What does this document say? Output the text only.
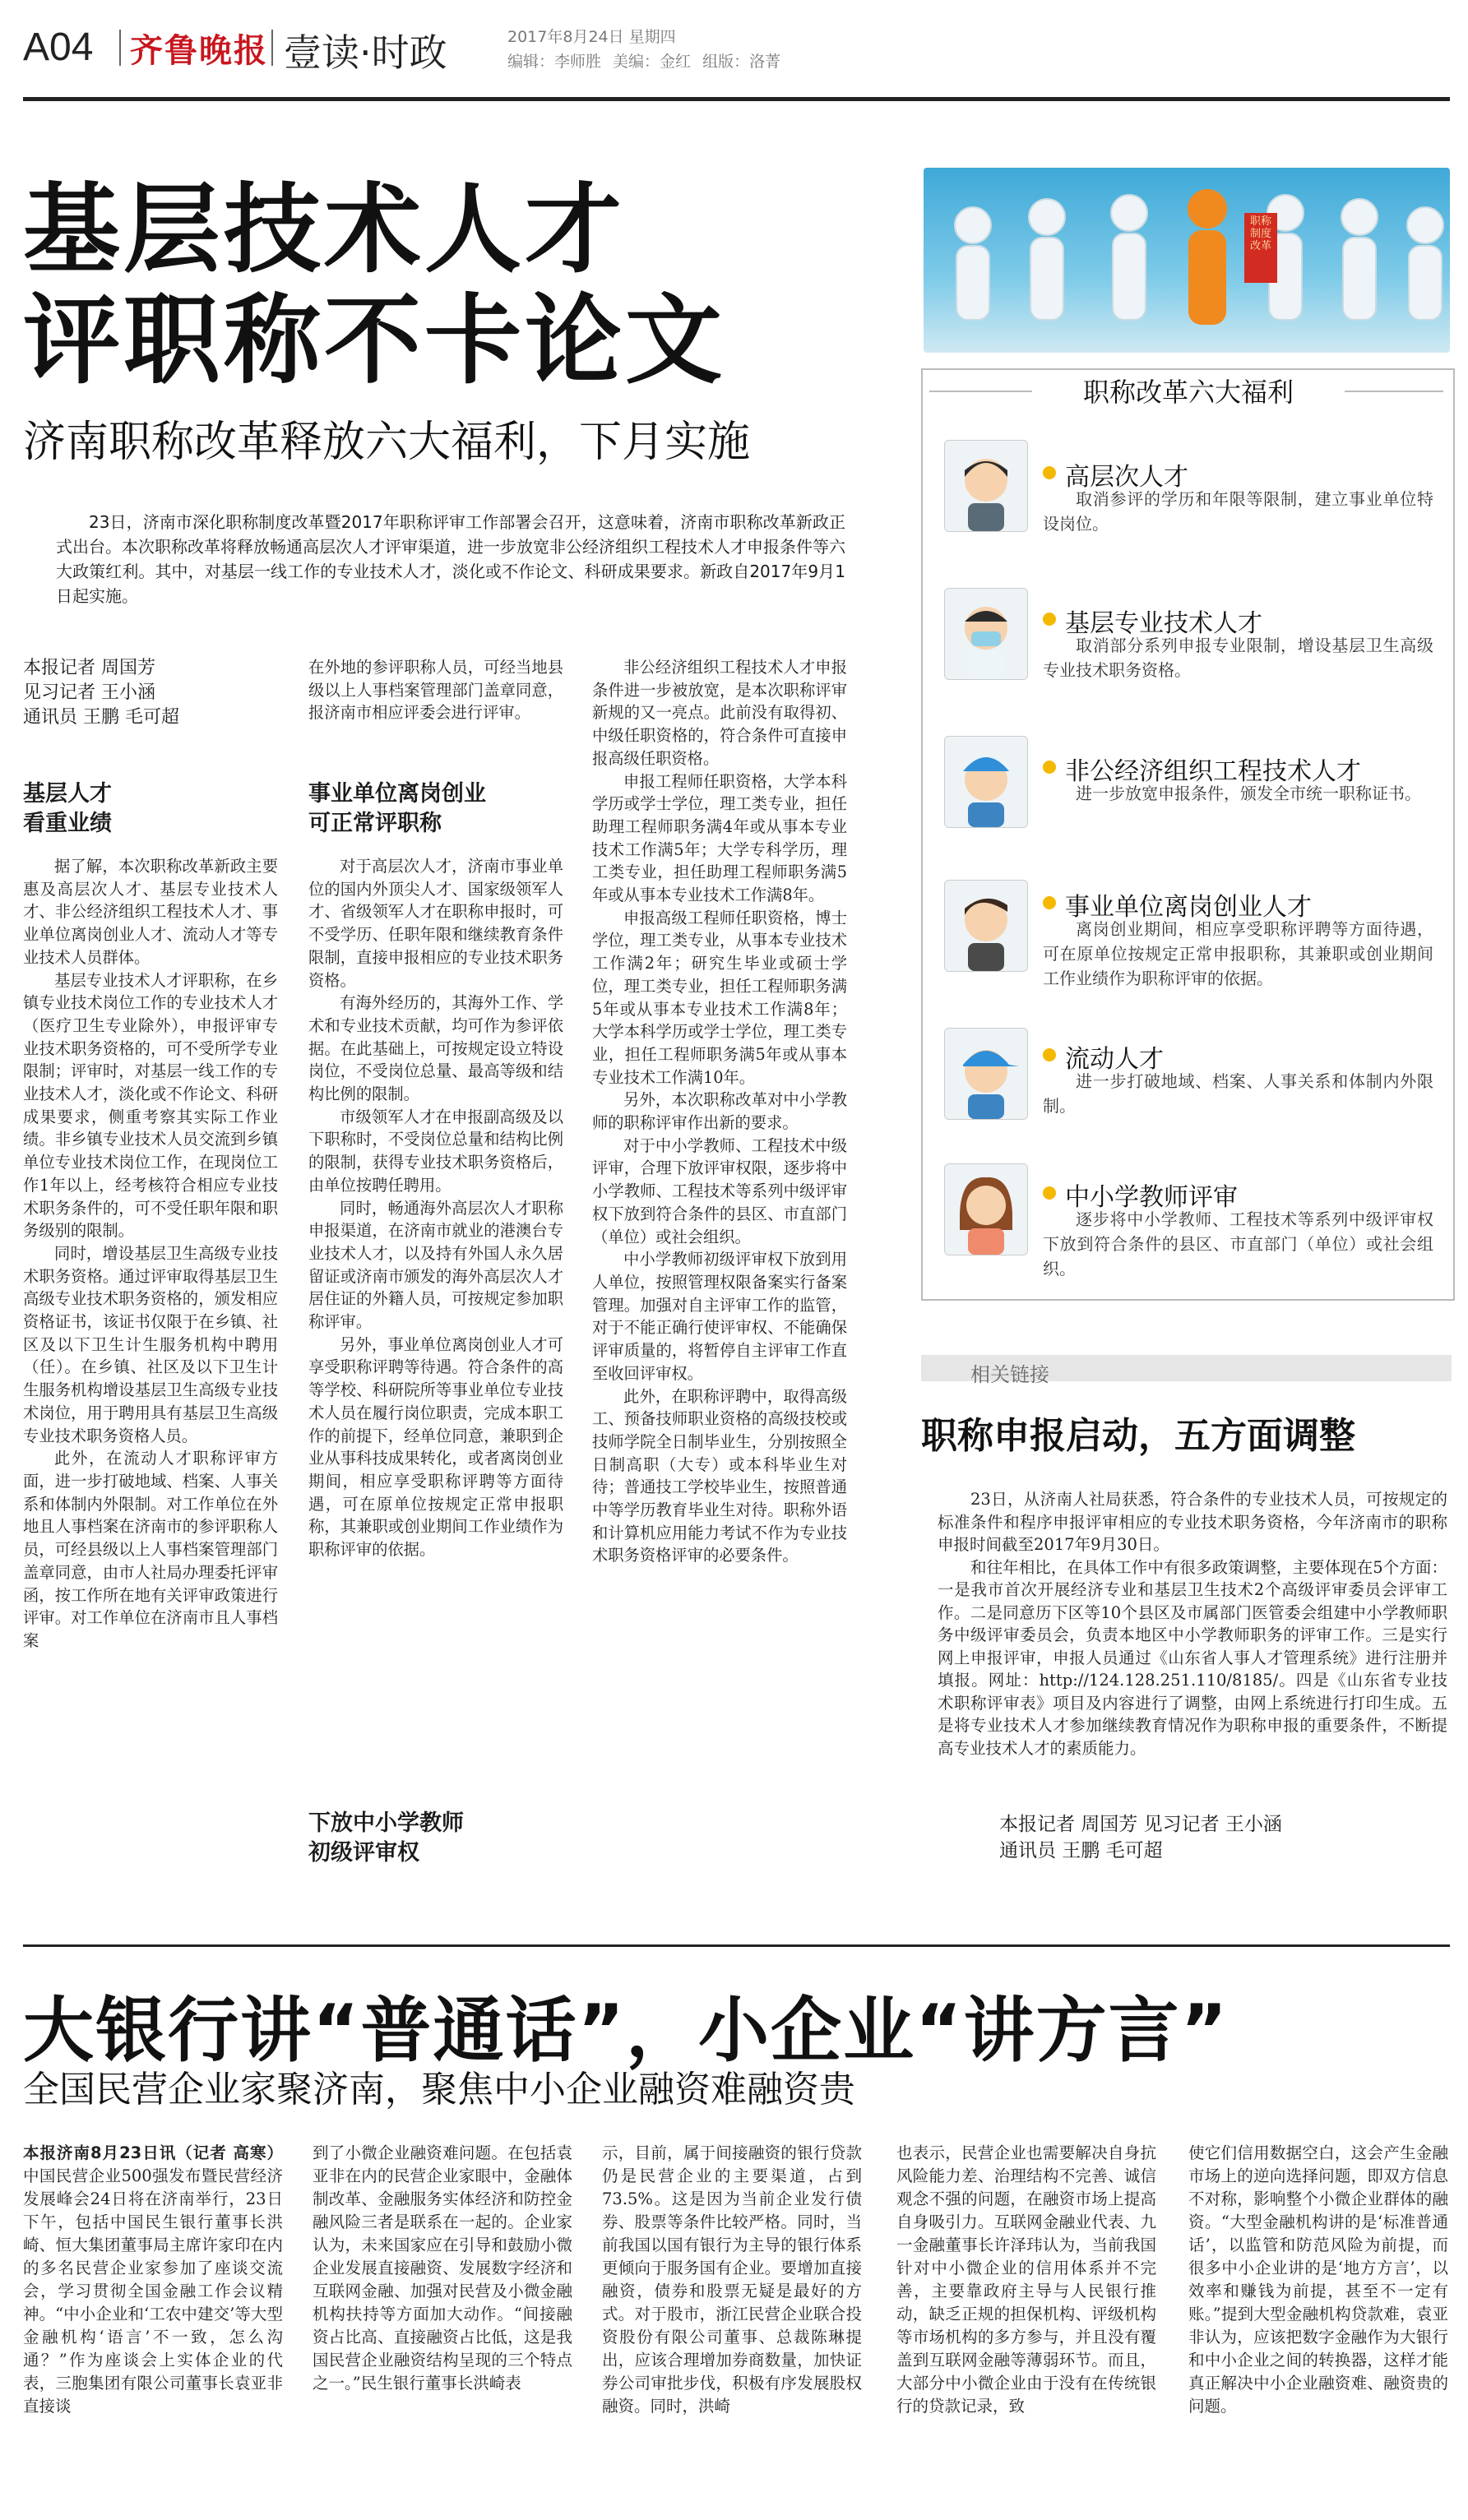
A04 齐鲁晚报 壹读·时政	2017年8月24日 星期四
编辑：李师胜 美编：金红 组版：洛菁
基层技术人才
评职称不卡论文
济南职称改革释放六大福利，下月实施
23日，济南市深化职称制度改革暨2017年职称评审工作部署会召开，这意味着，济南市职称改革新政正式出台。本次职称改革将释放畅通高层次人才评审渠道，进一步放宽非公经济组织工程技术人才申报条件等六大政策红利。其中，对基层一线工作的专业技术人才，淡化或不作论文、科研成果要求。新政自2017年9月1日起实施。
本报记者 周国芳
见习记者 王小涵
通讯员 王鹏 毛可超
基层人才
看重业绩

据了解，本次职称改革新政主要惠及高层次人才、基层专业技术人才、非公经济组织工程技术人才、事业单位离岗创业人才、流动人才等专业技术人员群体。

基层专业技术人才评职称，在乡镇专业技术岗位工作的专业技术人才（医疗卫生专业除外），申报评审专业技术职务资格的，可不受所学专业限制；评审时，对基层一线工作的专业技术人才，淡化或不作论文、科研成果要求，侧重考察其实际工作业绩。非乡镇专业技术人员交流到乡镇单位专业技术岗位工作，在现岗位工作1年以上，经考核符合相应专业技术职务条件的，可不受任职年限和职务级别的限制。

同时，增设基层卫生高级专业技术职务资格。通过评审取得基层卫生高级专业技术职务资格的，颁发相应资格证书，该证书仅限于在乡镇、社区及以下卫生计生服务机构中聘用（任）。在乡镇、社区及以下卫生计生服务机构增设基层卫生高级专业技术岗位，用于聘用具有基层卫生高级专业技术职务资格人员。

此外，在流动人才职称评审方面，进一步打破地域、档案、人事关系和体制内外限制。对工作单位在外地且人事档案在济南市的参评职称人员，可经县级以上人事档案管理部门盖章同意，由市人社局办理委托评审函，按工作所在地有关评审政策进行评审。对工作单位在济南市且人事档案

在外地的参评职称人员，可经当地县级以上人事档案管理部门盖章同意，报济南市相应评委会进行评审。

事业单位离岗创业
可正常评职称

对于高层次人才，济南市事业单位的国内外顶尖人才、国家级领军人才、省级领军人才在职称申报时，可不受学历、任职年限和继续教育条件限制，直接申报相应的专业技术职务资格。

有海外经历的，其海外工作、学术和专业技术贡献，均可作为参评依据。在此基础上，可按规定设立特设岗位，不受岗位总量、最高等级和结构比例的限制。

市级领军人才在申报副高级及以下职称时，不受岗位总量和结构比例的限制，获得专业技术职务资格后，由单位按聘任聘用。

同时，畅通海外高层次人才职称申报渠道，在济南市就业的港澳台专业技术人才，以及持有外国人永久居留证或济南市颁发的海外高层次人才居住证的外籍人员，可按规定参加职称评审。

另外，事业单位离岗创业人才可享受职称评聘等待遇。符合条件的高等学校、科研院所等事业单位专业技术人员在履行岗位职责，完成本职工作的前提下，经单位同意，兼职到企业从事科技成果转化，或者离岗创业期间，相应享受职称评聘等方面待遇，可在原单位按规定正常申报职称，其兼职或创业期间工作业绩作为职称评审的依据。

下放中小学教师
初级评审权

非公经济组织工程技术人才申报条件进一步被放宽，是本次职称评审新规的又一亮点。此前没有取得初、中级任职资格的，符合条件可直接申报高级任职资格。

申报工程师任职资格，大学本科学历或学士学位，理工类专业，担任助理工程师职务满4年或从事本专业技术工作满5年；大学专科学历，理工类专业，担任助理工程师职务满5年或从事本专业技术工作满8年。

申报高级工程师任职资格，博士学位，理工类专业，从事本专业技术工作满2年；研究生毕业或硕士学位，理工类专业，担任工程师职务满5年或从事本专业技术工作满8年；大学本科学历或学士学位，理工类专业，担任工程师职务满5年或从事本专业技术工作满10年。

另外，本次职称改革对中小学教师的职称评审作出新的要求。

对于中小学教师、工程技术中级评审，合理下放评审权限，逐步将中小学教师、工程技术等系列中级评审权下放到符合条件的县区、市直部门（单位）或社会组织。

中小学教师初级评审权下放到用人单位，按照管理权限备案实行备案管理。加强对自主评审工作的监管，对于不能正确行使评审权、不能确保评审质量的，将暂停自主评审工作直至收回评审权。

此外，在职称评聘中，取得高级工、预备技师职业资格的高级技校或技师学院全日制毕业生，分别按照全日制高职（大专）或本科毕业生对待；普通技工学校毕业生，按照普通中等学历教育毕业生对待。职称外语和计算机应用能力考试不作为专业技术职务资格评审的必要条件。

职称制度改革
职称改革六大福利
高层次人才
取消参评的学历和年限等限制，建立事业单位特设岗位。
基层专业技术人才
取消部分系列申报专业限制，增设基层卫生高级专业技术职务资格。
非公经济组织工程技术人才
进一步放宽申报条件，颁发全市统一职称证书。
事业单位离岗创业人才
离岗创业期间，相应享受职称评聘等方面待遇，可在原单位按规定正常申报职称，其兼职或创业期间工作业绩作为职称评审的依据。
流动人才
进一步打破地域、档案、人事关系和体制内外限制。
中小学教师评审
逐步将中小学教师、工程技术等系列中级评审权下放到符合条件的县区、市直部门（单位）或社会组织。
相关链接
职称申报启动，五方面调整

23日，从济南人社局获悉，符合条件的专业技术人员，可按规定的标准条件和程序申报评审相应的专业技术职务资格，今年济南市的职称申报时间截至2017年9月30日。

和往年相比，在具体工作中有很多政策调整，主要体现在5个方面：一是我市首次开展经济专业和基层卫生技术2个高级评审委员会评审工作。二是同意历下区等10个县区及市属部门医管委会组建中小学教师职务中级评审委员会，负责本地区中小学教师职务的评审工作。三是实行网上申报评审，申报人员通过《山东省人事人才管理系统》进行注册并填报。网址：http://124.128.251.110/8185/。四是《山东省专业技术职称评审表》项目及内容进行了调整，由网上系统进行打印生成。五是将专业技术人才参加继续教育情况作为职称申报的重要条件，不断提高专业技术人才的素质能力。

本报记者 周国芳 见习记者 王小涵
通讯员 王鹏 毛可超
大银行讲“普通话”，小企业“讲方言”
全国民营企业家聚济南，聚焦中小企业融资难融资贵

本报济南8月23日讯（记者 高寒）中国民营企业500强发布暨民营经济发展峰会24日将在济南举行，23日下午，包括中国民生银行董事长洪崎、恒大集团董事局主席许家印在内的多名民营企业家参加了座谈交流会，学习贯彻全国金融工作会议精神。“中小企业和‘工农中建交’等大型金融机构‘语言’不一致，怎么沟通？”作为座谈会上实体企业的代表，三胞集团有限公司董事长袁亚非直接谈

到了小微企业融资难问题。在包括袁亚非在内的民营企业家眼中，金融体制改革、金融服务实体经济和防控金融风险三者是联系在一起的。企业家认为，未来国家应在引导和鼓励小微企业发展直接融资、发展数字经济和互联网金融、加强对民营及小微金融机构扶持等方面加大动作。“间接融资占比高、直接融资占比低，这是我国民营企业融资结构呈现的三个特点之一。”民生银行董事长洪崎表

示，目前，属于间接融资的银行贷款仍是民营企业的主要渠道，占到73.5%。这是因为当前企业发行债券、股票等条件比较严格。同时，当前我国以国有银行为主导的银行体系更倾向于服务国有企业。要增加直接融资，债券和股票无疑是最好的方式。对于股市，浙江民营企业联合投资股份有限公司董事、总裁陈琳提出，应该合理增加券商数量，加快证券公司审批步伐，积极有序发展股权融资。同时，洪崎

也表示，民营企业也需要解决自身抗风险能力差、治理结构不完善、诚信观念不强的问题，在融资市场上提高自身吸引力。互联网金融业代表、九一金融董事长许泽玮认为，当前我国针对中小微企业的信用体系并不完善，主要靠政府主导与人民银行推动，缺乏正规的担保机构、评级机构等市场机构的多方参与，并且没有覆盖到互联网金融等薄弱环节。而且，大部分中小微企业由于没有在传统银行的贷款记录，致

使它们信用数据空白，这会产生金融市场上的逆向选择问题，即双方信息不对称，影响整个小微企业群体的融资。“大型金融机构讲的是‘标准普通话’，以监管和防范风险为前提，而很多中小企业讲的是‘地方方言’，以效率和赚钱为前提，甚至不一定有账。”提到大型金融机构贷款难，袁亚非认为，应该把数字金融作为大银行和中小企业之间的转换器，这样才能真正解决中小企业融资难、融资贵的问题。
